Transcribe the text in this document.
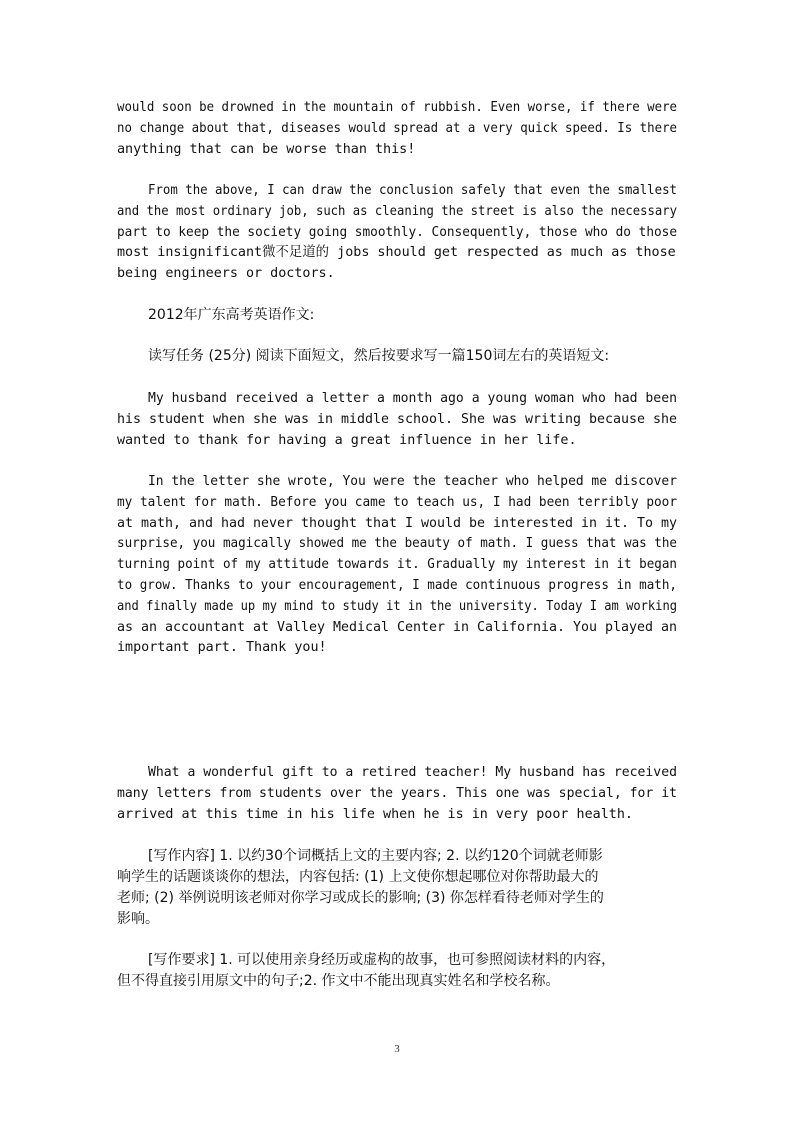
would soon be drowned in the mountain of rubbish. Even worse, if there were
no change about that, diseases would spread at a very quick speed. Is there
anything that can be worse than this!
From the above, I can draw the conclusion safely that even the smallest
and the most ordinary job, such as cleaning the street is also the necessary
part to keep the society going smoothly. Consequently, those who do those
most insignificant微不足道的 jobs should get respected as much as those
being engineers or doctors.
2012年广东高考英语作文:
读写任务 (25分) 阅读下面短文，然后按要求写一篇150词左右的英语短文:
My husband received a letter a month ago a young woman who had been
his student when she was in middle school. She was writing because she
wanted to thank for having a great influence in her life.
In the letter she wrote, You were the teacher who helped me discover
my talent for math. Before you came to teach us, I had been terribly poor
at math, and had never thought that I would be interested in it. To my
surprise, you magically showed me the beauty of math. I guess that was the
turning point of my attitude towards it. Gradually my interest in it began
to grow. Thanks to your encouragement, I made continuous progress in math,
and finally made up my mind to study it in the university. Today I am working
as an accountant at Valley Medical Center in California. You played an
important part. Thank you!
What a wonderful gift to a retired teacher! My husband has received
many letters from students over the years. This one was special, for it
arrived at this time in his life when he is in very poor health.
[写作内容] 1. 以约30个词概括上文的主要内容; 2. 以约120个词就老师影
响学生的话题谈谈你的想法，内容包括: (1) 上文使你想起哪位对你帮助最大的
老师; (2) 举例说明该老师对你学习或成长的影响; (3) 你怎样看待老师对学生的
影响。
[写作要求] 1. 可以使用亲身经历或虚构的故事，也可参照阅读材料的内容，
但不得直接引用原文中的句子;2. 作文中不能出现真实姓名和学校名称。
3
